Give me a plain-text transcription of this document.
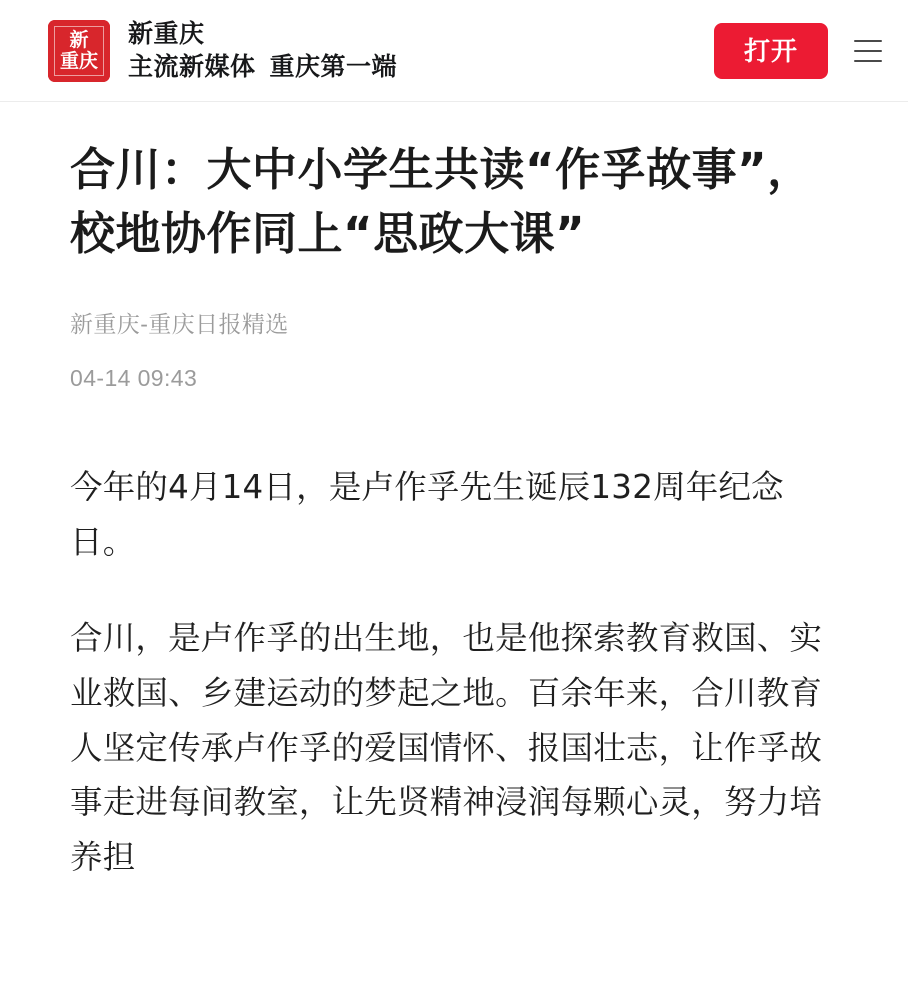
新
重庆
新重庆
主流新媒体 重庆第一端
打开
合川：大中小学生共读“作孚故事”，校地协作同上“思政大课”
新重庆-重庆日报精选
04-14 09:43

今年的4月14日，是卢作孚先生诞辰132周年纪念日。

合川，是卢作孚的出生地，也是他探索教育救国、实业救国、乡建运动的梦起之地。百余年来，合川教育人坚定传承卢作孚的爱国情怀、报国壮志，让作孚故事走进每间教室，让先贤精神浸润每颗心灵，努力培养担
